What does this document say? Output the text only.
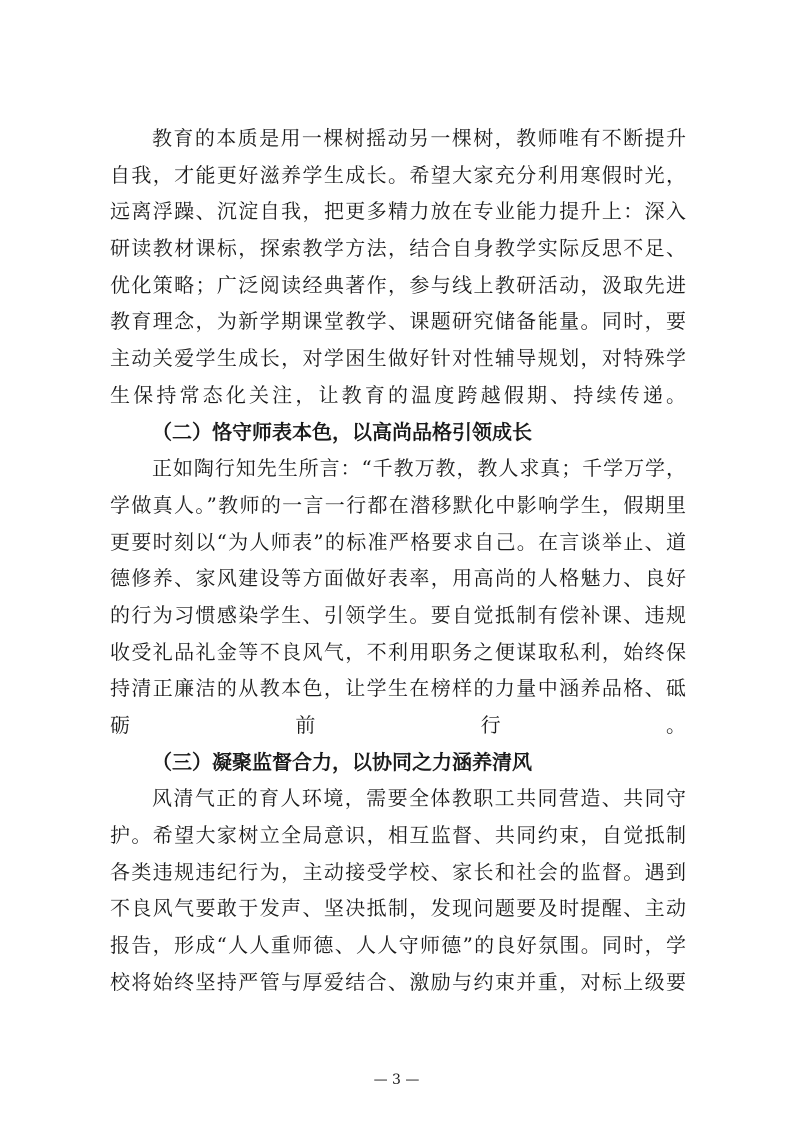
教育的本质是用一棵树摇动另一棵树，教师唯有不断提升
自我，才能更好滋养学生成长。希望大家充分利用寒假时光，
远离浮躁、沉淀自我，把更多精力放在专业能力提升上：深入
研读教材课标，探索教学方法，结合自身教学实际反思不足、
优化策略；广泛阅读经典著作，参与线上教研活动，汲取先进
教育理念，为新学期课堂教学、课题研究储备能量。同时，要
主动关爱学生成长，对学困生做好针对性辅导规划，对特殊学
生保持常态化关注，让教育的温度跨越假期、持续传递。
（二）恪守师表本色，以高尚品格引领成长
正如陶行知先生所言：“千教万教，教人求真；千学万学，
学做真人。”教师的一言一行都在潜移默化中影响学生，假期里
更要时刻以“为人师表”的标准严格要求自己。在言谈举止、道
德修养、家风建设等方面做好表率，用高尚的人格魅力、良好
的行为习惯感染学生、引领学生。要自觉抵制有偿补课、违规
收受礼品礼金等不良风气，不利用职务之便谋取私利，始终保
持清正廉洁的从教本色，让学生在榜样的力量中涵养品格、砥
砺前行。
（三）凝聚监督合力，以协同之力涵养清风
风清气正的育人环境，需要全体教职工共同营造、共同守
护。希望大家树立全局意识，相互监督、共同约束，自觉抵制
各类违规违纪行为，主动接受学校、家长和社会的监督。遇到
不良风气要敢于发声、坚决抵制，发现问题要及时提醒、主动
报告，形成“人人重师德、人人守师德”的良好氛围。同时，学
校将始终坚持严管与厚爱结合、激励与约束并重，对标上级要
— 3 —
